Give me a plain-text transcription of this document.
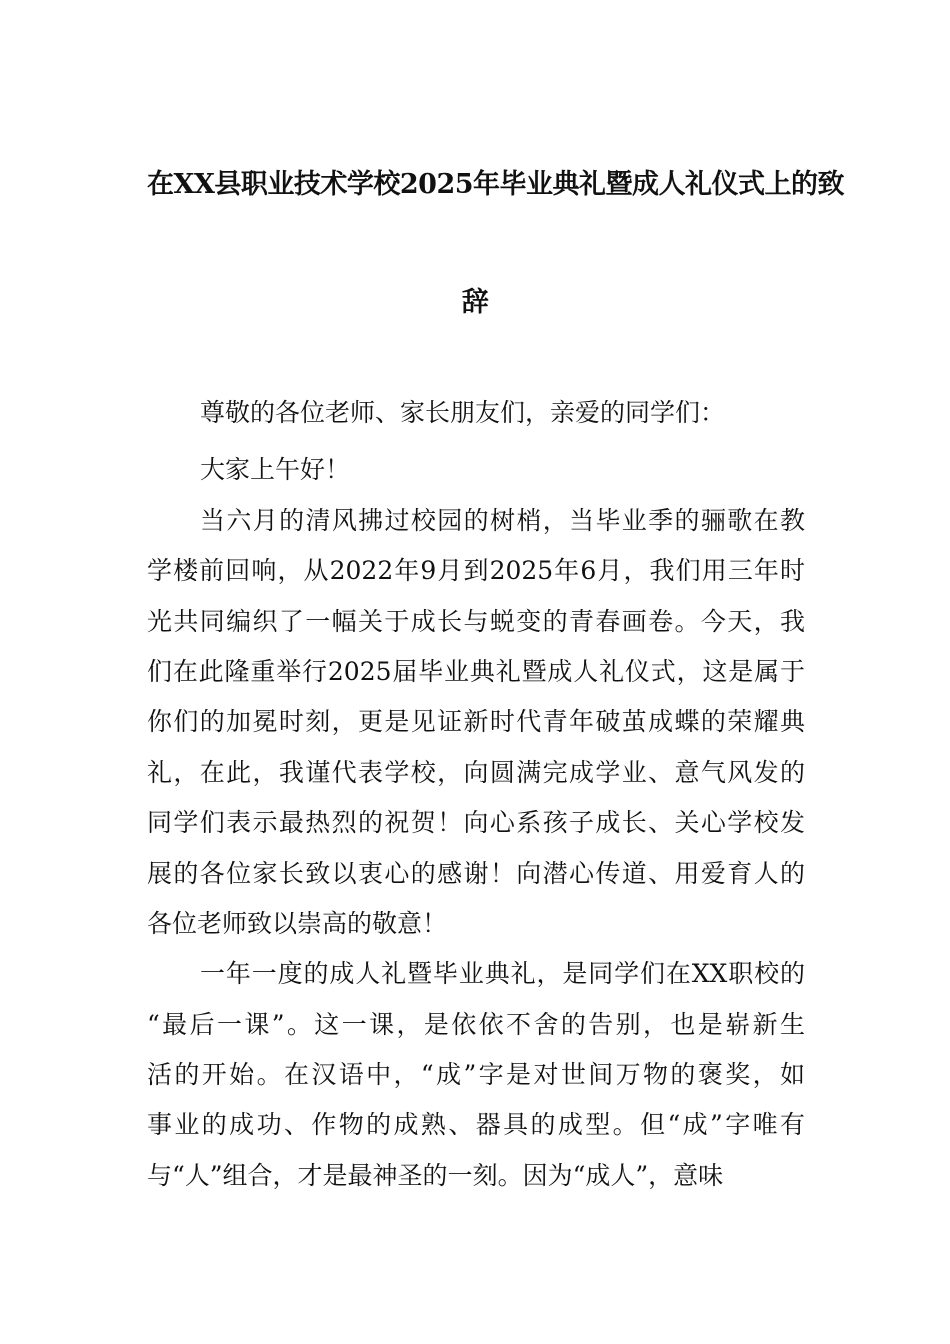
在XX县职业技术学校2025年毕业典礼暨成人礼仪式上的致
辞
尊敬的各位老师、家长朋友们，亲爱的同学们：
大家上午好！
当六月的清风拂过校园的树梢，当毕业季的骊歌在教
学楼前回响，从2022年9月到2025年6月，我们用三年时
光共同编织了一幅关于成长与蜕变的青春画卷。今天，我
们在此隆重举行2025届毕业典礼暨成人礼仪式，这是属于
你们的加冕时刻，更是见证新时代青年破茧成蝶的荣耀典
礼，在此，我谨代表学校，向圆满完成学业、意气风发的
同学们表示最热烈的祝贺！向心系孩子成长、关心学校发
展的各位家长致以衷心的感谢！向潜心传道、用爱育人的
各位老师致以崇高的敬意！
一年一度的成人礼暨毕业典礼，是同学们在XX职校的
“最后一课”。这一课，是依依不舍的告别，也是崭新生
活的开始。在汉语中，“成”字是对世间万物的褒奖，如
事业的成功、作物的成熟、器具的成型。但“成”字唯有
与“人”组合，才是最神圣的一刻。因为“成人”，意味
